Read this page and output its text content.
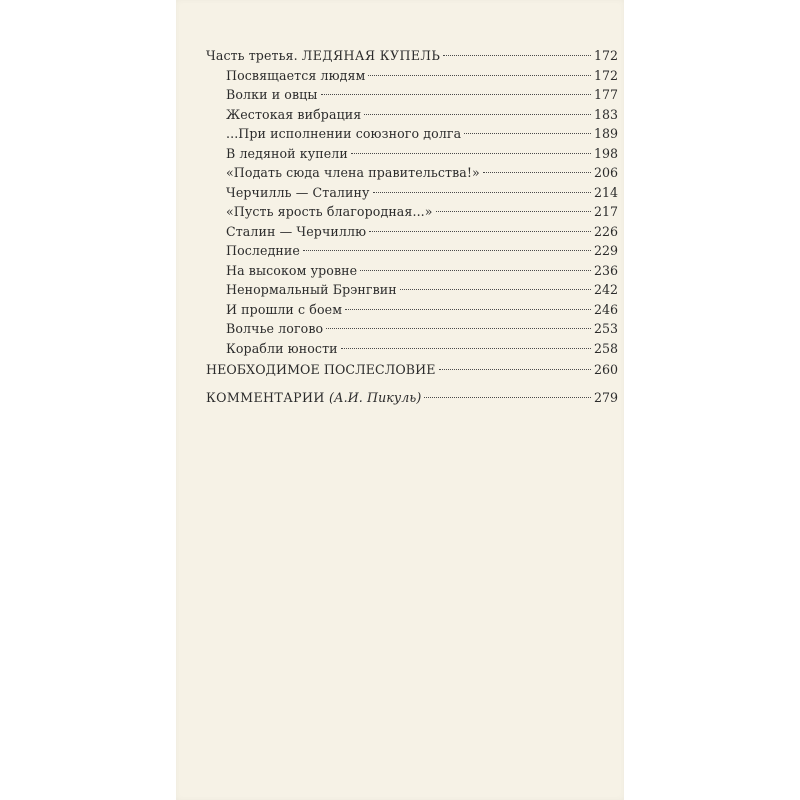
Часть третья. ЛЕДЯНАЯ КУПЕЛЬ	172
Посвящается людям	172
Волки и овцы	177
Жестокая вибрация	183
...При исполнении союзного долга	189
В ледяной купели	198
«Подать сюда члена правительства!»	206
Черчилль — Сталину	214
«Пусть ярость благородная...»	217
Сталин — Черчиллю	226
Последние	229
На высоком уровне	236
Ненормальный Брэнгвин	242
И прошли с боем	246
Волчье логово	253
Корабли юности	258
НЕОБХОДИМОЕ ПОСЛЕСЛОВИЕ	260
КОММЕНТАРИИ (А.И. Пикуль)	279
